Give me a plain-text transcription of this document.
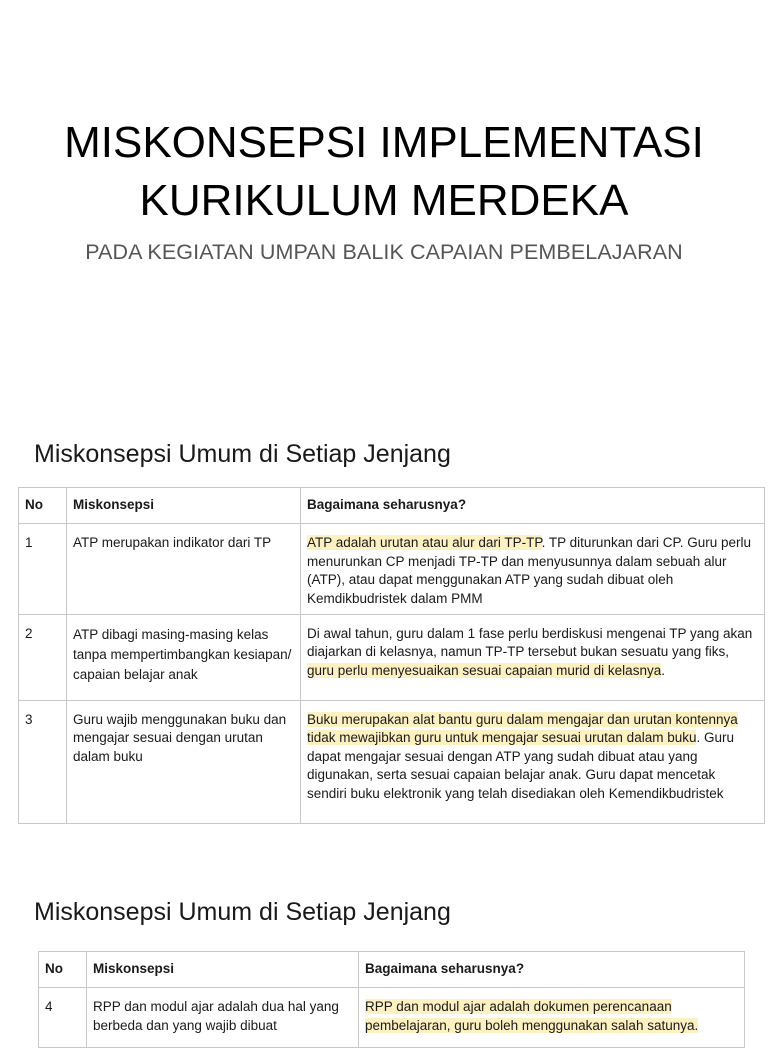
MISKONSEPSI IMPLEMENTASI
KURIKULUM MERDEKA
PADA KEGIATAN UMPAN BALIK CAPAIAN PEMBELAJARAN
Miskonsepsi Umum di Setiap Jenjang
No	Miskonsepsi	Bagaimana seharusnya?
1	ATP merupakan indikator dari TP	ATP adalah urutan atau alur dari TP-TP. TP diturunkan dari CP. Guru perlu menurunkan CP menjadi TP-TP dan menyusunnya dalam sebuah alur (ATP), atau dapat menggunakan ATP yang sudah dibuat oleh Kemdikbudristek dalam PMM
2	ATP dibagi masing-masing kelas tanpa mempertimbangkan kesiapan/ capaian belajar anak	Di awal tahun, guru dalam 1 fase perlu berdiskusi mengenai TP yang akan diajarkan di kelasnya, namun TP-TP tersebut bukan sesuatu yang fiks, guru perlu menyesuaikan sesuai capaian murid di kelasnya.
3	Guru wajib menggunakan buku dan mengajar sesuai dengan urutan dalam buku	Buku merupakan alat bantu guru dalam mengajar dan urutan kontennya tidak mewajibkan guru untuk mengajar sesuai urutan dalam buku. Guru dapat mengajar sesuai dengan ATP yang sudah dibuat atau yang digunakan, serta sesuai capaian belajar anak. Guru dapat mencetak sendiri buku elektronik yang telah disediakan oleh Kemendikbudristek
Miskonsepsi Umum di Setiap Jenjang
No	Miskonsepsi	Bagaimana seharusnya?
4	RPP dan modul ajar adalah dua hal yang berbeda dan yang wajib dibuat	RPP dan modul ajar adalah dokumen perencanaan pembelajaran, guru boleh menggunakan salah satunya.
